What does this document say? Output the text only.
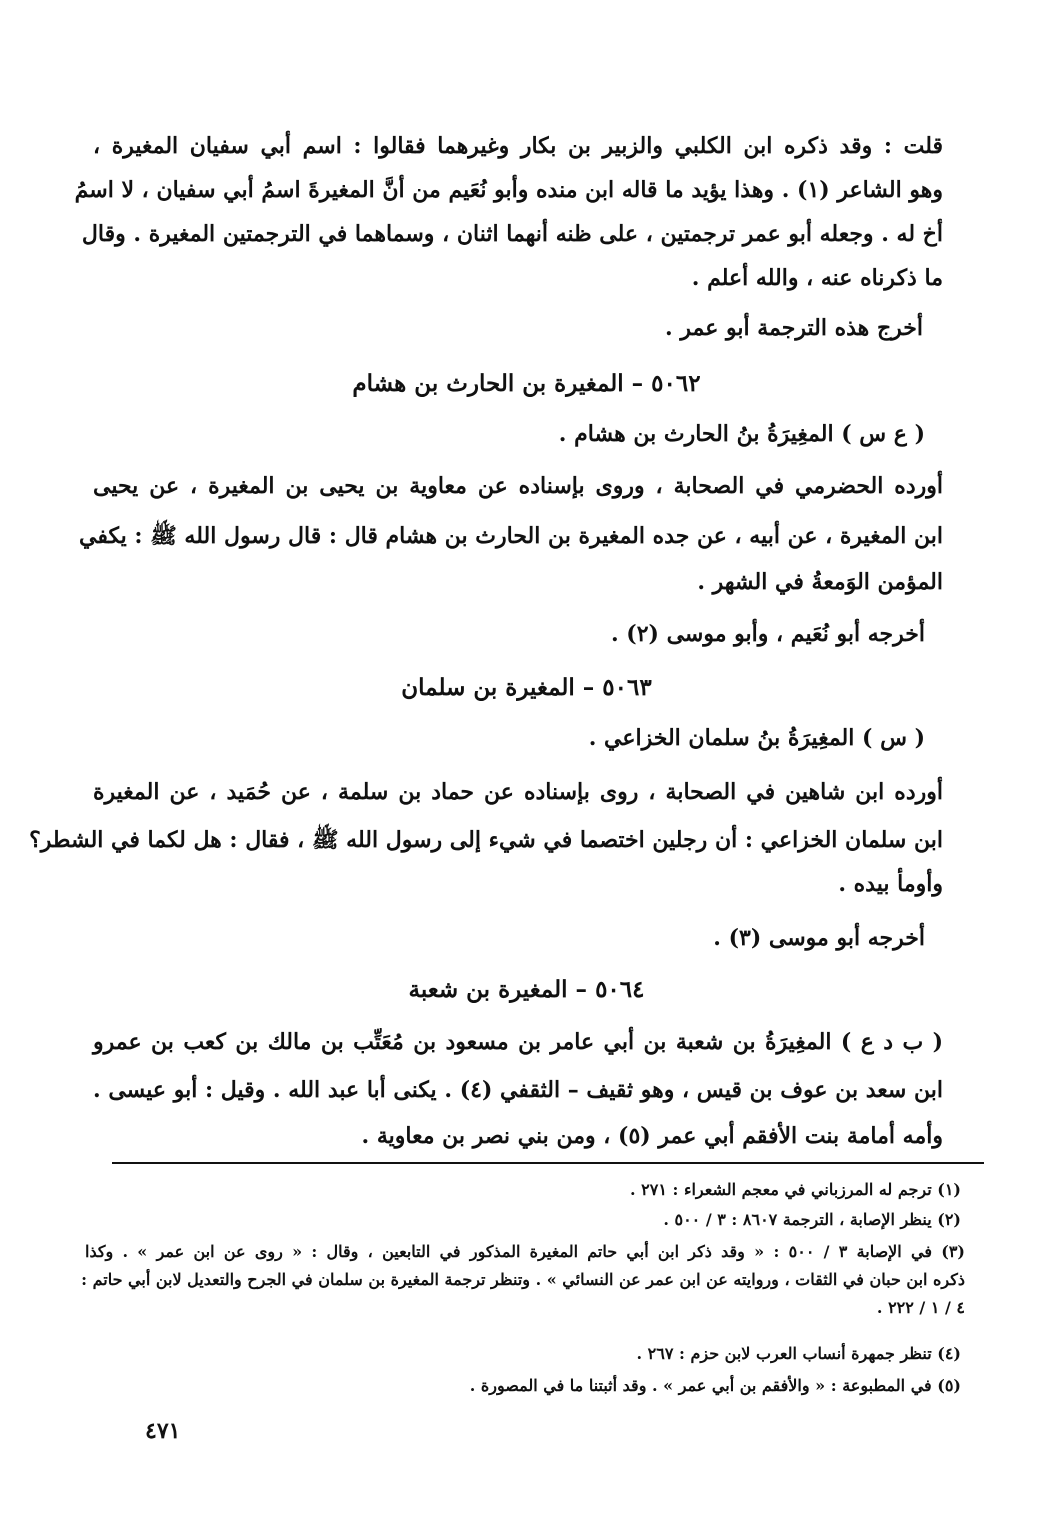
قلت : وقد ذكره ابن الكلبي والزبير بن بكار وغيرهما فقالوا : اسم أبي سفيان المغيرة ،
وهو الشاعر (١) . وهذا يؤيد ما قاله ابن منده وأبو نُعَيم من أنَّ المغيرةَ اسمُ أبي سفيان ، لا اسمُ
أخ له . وجعله أبو عمر ترجمتين ، على ظنه أنهما اثنان ، وسماهما في الترجمتين المغيرة . وقال
ما ذكرناه عنه ، والله أعلم .
أخرج هذه الترجمة أبو عمر .
٥٠٦٢ – المغيرة بن الحارث بن هشام
( ع س ) المغِيرَةُ بنُ الحارث بن هشام .
أورده الحضرمي في الصحابة ، وروى بإسناده عن معاوية بن يحيى بن المغيرة ، عن يحيى
ابن المغيرة ، عن أبيه ، عن جده المغيرة بن الحارث بن هشام قال : قال رسول الله ﷺ : يكفي
المؤمن الوَمعةُ في الشهر .
أخرجه أبو نُعَيم ، وأبو موسى (٢) .
٥٠٦٣ – المغيرة بن سلمان
( س ) المغِيرَةُ بنُ سلمان الخزاعي .
أورده ابن شاهين في الصحابة ، روى بإسناده عن حماد بن سلمة ، عن حُمَيد ، عن المغيرة
ابن سلمان الخزاعي : أن رجلين اختصما في شيء إلى رسول الله ﷺ ، فقال : هل لكما في الشطر؟
وأومأ بيده .
أخرجه أبو موسى (٣) .
٥٠٦٤ – المغيرة بن شعبة
( ب د ع ) المغِيرَةُ بن شعبة بن أبي عامر بن مسعود بن مُعَتِّب بن مالك بن كعب بن عمرو
ابن سعد بن عوف بن قيس ، وهو ثقيف – الثقفي (٤) . يكنى أبا عبد الله . وقيل : أبو عيسى .
وأمه أمامة بنت الأفقم أبي عمر (٥) ، ومن بني نصر بن معاوية .
(١) ترجم له المرزباني في معجم الشعراء : ٢٧١ .
(٢) ينظر الإصابة ، الترجمة ٨٦٠٧ : ٣ / ٥٠٠ .
(٣) في الإصابة ٣ / ٥٠٠ : « وقد ذكر ابن أبي حاتم المغيرة المذكور في التابعين ، وقال : « روى عن ابن عمر » . وكذا
ذكره ابن حبان في الثقات ، وروايته عن ابن عمر عن النسائي » . وتنظر ترجمة المغيرة بن سلمان في الجرح والتعديل لابن أبي حاتم :
٤ / ١ / ٢٢٢ .
(٤) تنظر جمهرة أنساب العرب لابن حزم : ٢٦٧ .
(٥) في المطبوعة : « والأفقم بن أبي عمر » . وقد أثبتنا ما في المصورة .
٤٧١
